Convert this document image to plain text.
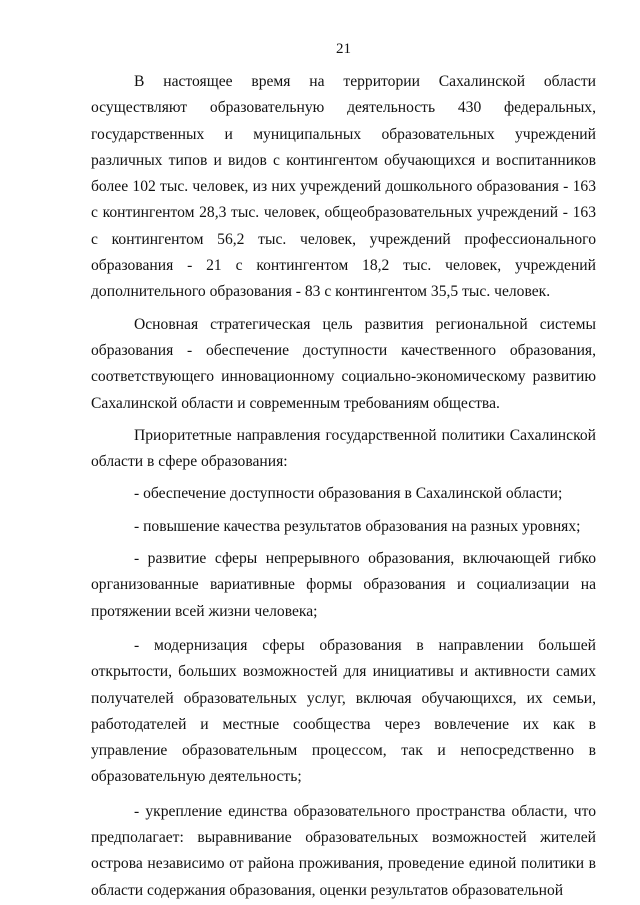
21

В настоящее время на территории Сахалинской области осуществляют образовательную деятельность 430 федеральных, государственных и муниципальных образовательных учреждений различных типов и видов с контингентом обучающихся и воспитанников более 102 тыс. человек, из них учреждений дошкольного образования - 163 с контингентом 28,3 тыс. человек, общеобразовательных учреждений - 163 с контингентом 56,2 тыс. человек, учреждений профессионального образования - 21 с контингентом 18,2 тыс. человек, учреждений дополнительного образования - 83 с контингентом 35,5 тыс. человек.

Основная стратегическая цель развития региональной системы образования - обеспечение доступности качественного образования, соответствующего инновационному социально-экономическому развитию Сахалинской области и современным требованиям общества.

Приоритетные направления государственной политики Сахалинской области в сфере образования:

- обеспечение доступности образования в Сахалинской области;

- повышение качества результатов образования на разных уровнях;

- развитие сферы непрерывного образования, включающей гибко организованные вариативные формы образования и социализации на протяжении всей жизни человека;

- модернизация сферы образования в направлении большей открытости, больших возможностей для инициативы и активности самих получателей образовательных услуг, включая обучающихся, их семьи, работодателей и местные сообщества через вовлечение их как в управление образовательным процессом, так и непосредственно в образовательную деятельность;

- укрепление единства образовательного пространства области, что предполагает: выравнивание образовательных возможностей жителей острова независимо от района проживания, проведение единой политики в области содержания образования, оценки результатов образовательной
